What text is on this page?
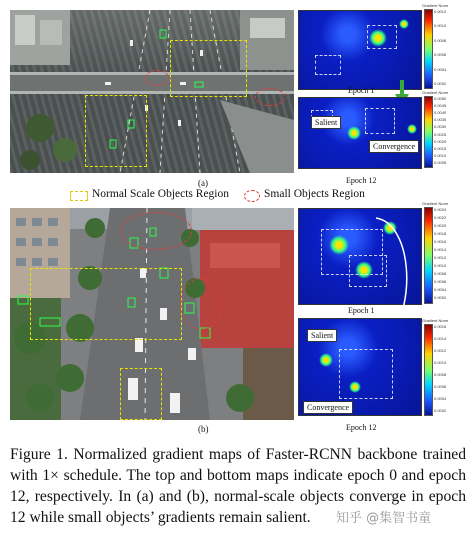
(a)
Epoch 1
Gradient Norm
0.0012
0.0010
0.0008
0.0006
0.0004
0.0002
Salient
Convergence
Epoch 12
Gradient Norm
0.0050
0.0045
0.0040
0.0035
0.0030
0.0025
0.0020
0.0015
0.0010
0.0005
Normal Scale Objects Region	Small Objects Region
(b)
Epoch 1
Gradient Norm
0.0024
0.0022
0.0020
0.0018
0.0016
0.0014
0.0012
0.0010
0.0008
0.0006
0.0004
0.0002
Salient
Convergence
Epoch 12
Gradient Norm
0.0016
0.0014
0.0012
0.0010
0.0008
0.0006
0.0004
0.0002

Figure 1. Normalized gradient maps of Faster-RCNN backbone trained with 1× schedule. The top and bottom maps indicate epoch 0 and epoch 12, respectively. In (a) and (b), normal-scale objects converge in epoch 12 while small objects’ gradients remain salient.	知乎 @集智书童
